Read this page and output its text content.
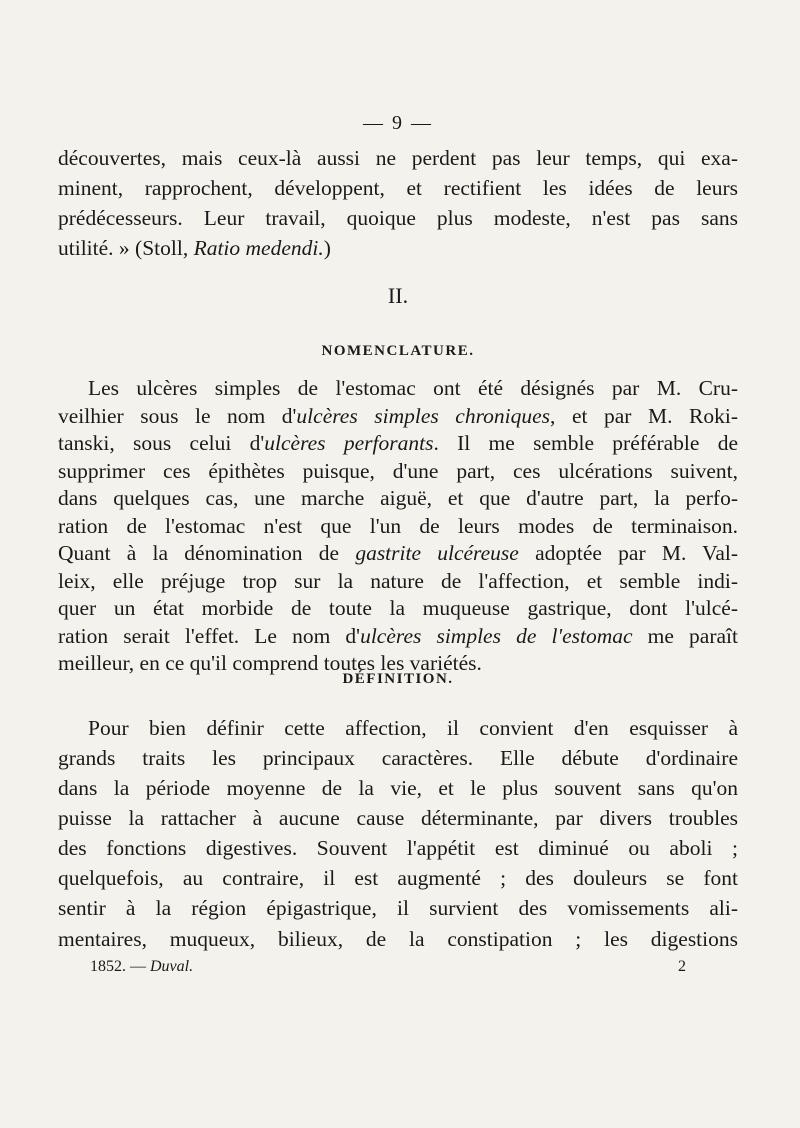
— 9 —
découvertes, mais ceux-là aussi ne perdent pas leur temps, qui exa-
minent, rapprochent, développent, et rectifient les idées de leurs
prédécesseurs. Leur travail, quoique plus modeste, n'est pas sans
utilité. » (Stoll, Ratio medendi.)
II.
NOMENCLATURE.
Les ulcères simples de l'estomac ont été désignés par M. Cru-
veilhier sous le nom d'ulcères simples chroniques, et par M. Roki-
tanski, sous celui d'ulcères perforants. Il me semble préférable de
supprimer ces épithètes puisque, d'une part, ces ulcérations suivent,
dans quelques cas, une marche aiguë, et que d'autre part, la perfo-
ration de l'estomac n'est que l'un de leurs modes de terminaison.
Quant à la dénomination de gastrite ulcéreuse adoptée par M. Val-
leix, elle préjuge trop sur la nature de l'affection, et semble indi-
quer un état morbide de toute la muqueuse gastrique, dont l'ulcé-
ration serait l'effet. Le nom d'ulcères simples de l'estomac me paraît
meilleur, en ce qu'il comprend toutes les variétés.
DÉFINITION.
Pour bien définir cette affection, il convient d'en esquisser à
grands traits les principaux caractères. Elle débute d'ordinaire
dans la période moyenne de la vie, et le plus souvent sans qu'on
puisse la rattacher à aucune cause déterminante, par divers troubles
des fonctions digestives. Souvent l'appétit est diminué ou aboli ;
quelquefois, au contraire, il est augmenté ; des douleurs se font
sentir à la région épigastrique, il survient des vomissements ali-
mentaires, muqueux, bilieux, de la constipation ; les digestions
1852. — Duval.	2
